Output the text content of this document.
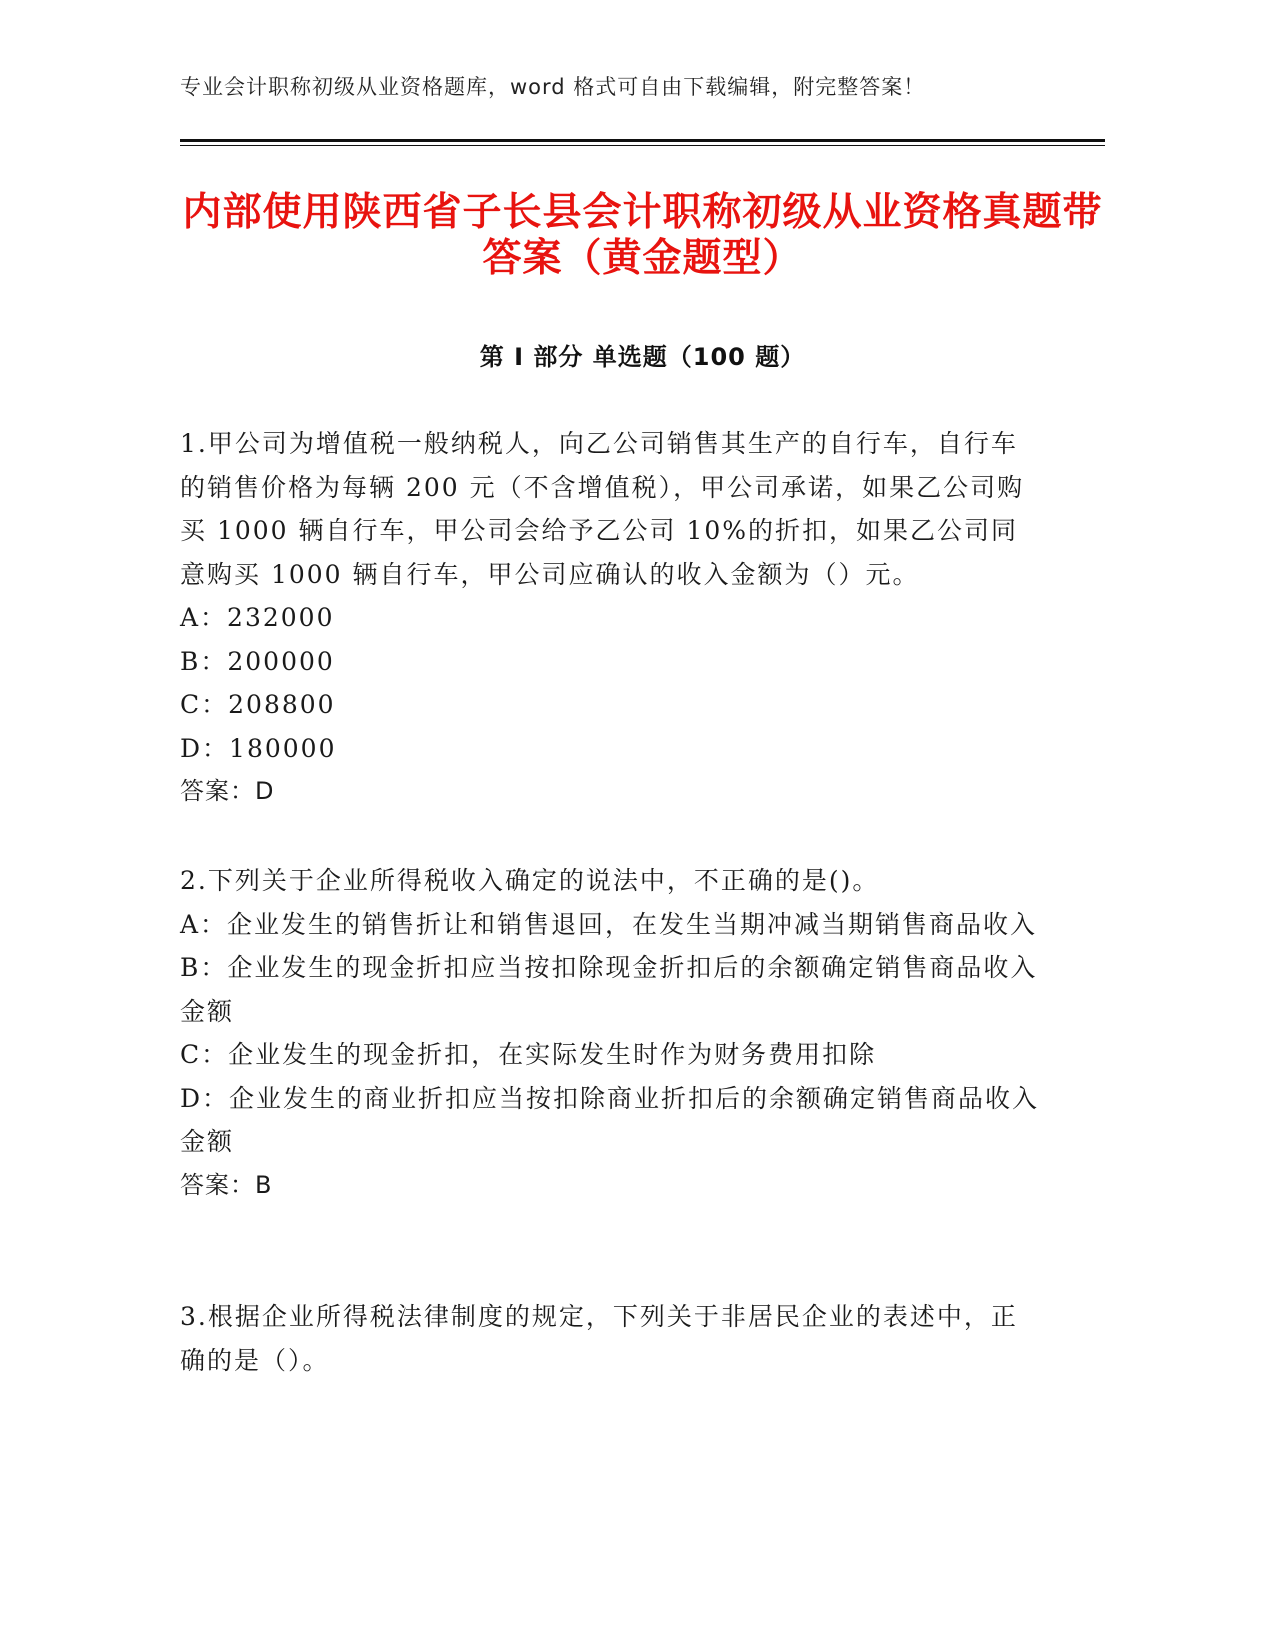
专业会计职称初级从业资格题库，word 格式可自由下载编辑，附完整答案！
内部使用陕西省子长县会计职称初级从业资格真题带答案（黄金题型）
第 I 部分 单选题（100 题）

1.甲公司为增值税一般纳税人，向乙公司销售其生产的自行车，自行车的销售价格为每辆 200 元（不含增值税），甲公司承诺，如果乙公司购买 1000 辆自行车，甲公司会给予乙公司 10%的折扣，如果乙公司同意购买 1000 辆自行车，甲公司应确认的收入金额为（）元。

A：232000

B：200000

C：208800

D：180000

答案：D

2.下列关于企业所得税收入确定的说法中，不正确的是()。

A：企业发生的销售折让和销售退回，在发生当期冲减当期销售商品收入

B：企业发生的现金折扣应当按扣除现金折扣后的余额确定销售商品收入金额

C：企业发生的现金折扣，在实际发生时作为财务费用扣除

D：企业发生的商业折扣应当按扣除商业折扣后的余额确定销售商品收入金额

答案：B

3.根据企业所得税法律制度的规定，下列关于非居民企业的表述中，正确的是（）。
